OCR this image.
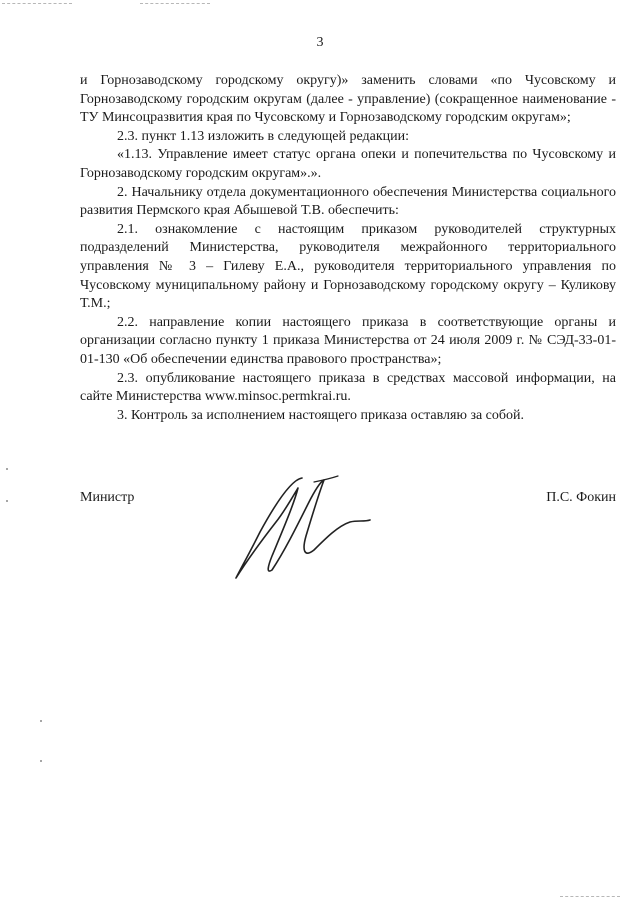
3

и Горнозаводскому городскому округу)» заменить словами «по Чусовскому и Горнозаводскому городским округам (далее - управление) (сокращенное наименование - ТУ Минсоцразвития края по Чусовскому и Горнозаводскому городским округам»;

2.3. пункт 1.13 изложить в следующей редакции:

«1.13. Управление имеет статус органа опеки и попечительства по Чусовскому и Горнозаводскому городским округам».».

2. Начальнику отдела документационного обеспечения Министерства социального развития Пермского края Абышевой Т.В. обеспечить:

2.1. ознакомление с настоящим приказом руководителей структурных подразделений Министерства, руководителя межрайонного территориального управления № 3 – Гилеву Е.А., руководителя территориального управления по Чусовскому муниципальному району и Горнозаводскому городскому округу – Куликову Т.М.;

2.2. направление копии настоящего приказа в соответствующие органы и организации согласно пункту 1 приказа Министерства от 24 июля 2009 г. № СЭД-33-01-01-130 «Об обеспечении единства правового пространства»;

2.3. опубликование настоящего приказа в средствах массовой информации, на сайте Министерства www.minsoc.permkrai.ru.

3. Контроль за исполнением настоящего приказа оставляю за собой.

Министр	П.С. Фокин
